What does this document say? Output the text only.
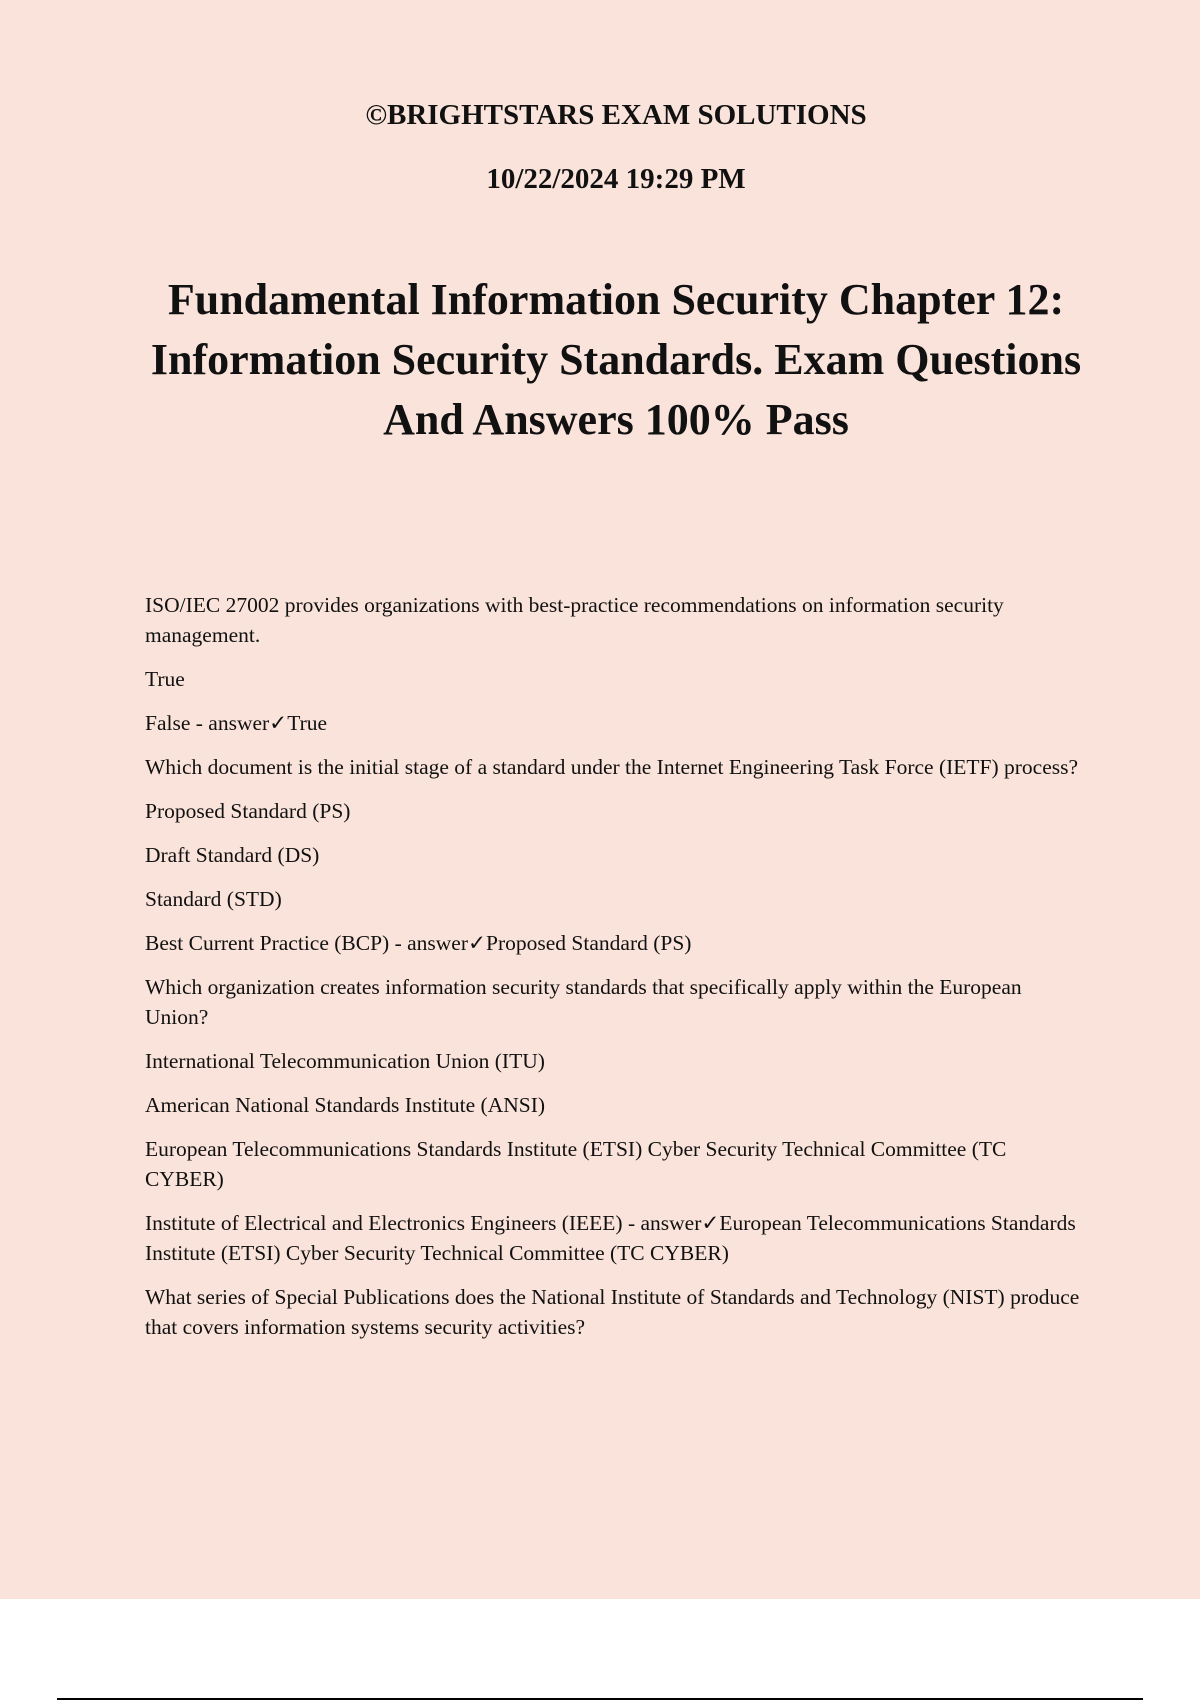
©BRIGHTSTARS EXAM SOLUTIONS
10/22/2024 19:29 PM
Fundamental Information Security Chapter 12: Information Security Standards. Exam Questions And Answers 100% Pass

ISO/IEC 27002 provides organizations with best-practice recommendations on information security management.

True

False - answer✓True

Which document is the initial stage of a standard under the Internet Engineering Task Force (IETF) process?

Proposed Standard (PS)

Draft Standard (DS)

Standard (STD)

Best Current Practice (BCP) - answer✓Proposed Standard (PS)

Which organization creates information security standards that specifically apply within the European Union?

International Telecommunication Union (ITU)

American National Standards Institute (ANSI)

European Telecommunications Standards Institute (ETSI) Cyber Security Technical Committee (TC CYBER)

Institute of Electrical and Electronics Engineers (IEEE) - answer✓European Telecommunications Standards Institute (ETSI) Cyber Security Technical Committee (TC CYBER)

What series of Special Publications does the National Institute of Standards and Technology (NIST) produce that covers information systems security activities?
